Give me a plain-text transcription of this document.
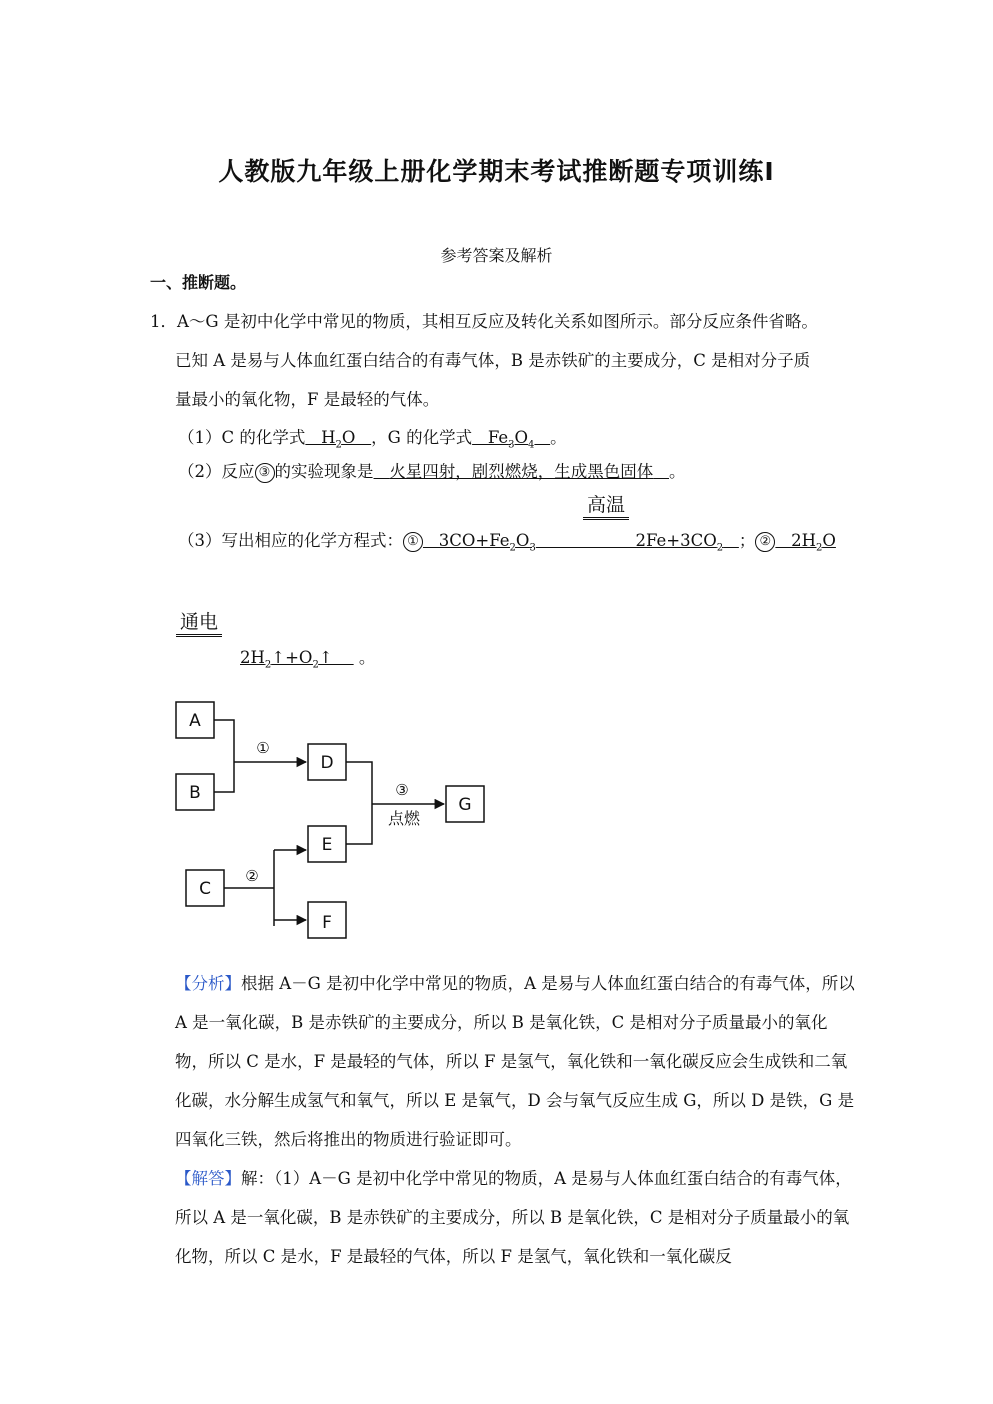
人教版九年级上册化学期末考试推断题专项训练Ⅰ
参考答案及解析
一、推断题。
1．A～G 是初中化学中常见的物质，其相互反应及转化关系如图所示。部分反应条件省略。
已知 A 是易与人体血红蛋白结合的有毒气体，B 是赤铁矿的主要成分，C 是相对分子质
量最小的氧化物，F 是最轻的气体。
（1）C 的化学式   $H_2O$   ，G 的化学式   $Fe_3O_4$ 。
（2）反应 ③ 的实验现象是 火星四射，剧烈燃烧，生成黑色固体 。
高温
（3）写出相应的化学方程式： ①   $3CO+Fe_2O_3$                   $2Fe+3CO_2$ ； ②   $2H_2O$
通电
$2H_2↑+O_2↑$     。
A
B
C
D
E
F
G
①
③
点燃
②
【分析】根据 A－G 是初中化学中常见的物质，A 是易与人体血红蛋白结合的有毒气体，所以 A 是一氧化碳，B 是赤铁矿的主要成分，所以 B 是氧化铁，C 是相对分子质量最小的氧化物，所以 C 是水，F 是最轻的气体，所以 F 是氢气，氧化铁和一氧化碳反应会生成铁和二氧化碳，水分解生成氢气和氧气，所以 E 是氧气，D 会与氧气反应生成 G，所以 D 是铁，G 是四氧化三铁，然后将推出的物质进行验证即可。
【解答】解：（1）A－G 是初中化学中常见的物质，A 是易与人体血红蛋白结合的有毒气体，所以 A 是一氧化碳，B 是赤铁矿的主要成分，所以 B 是氧化铁，C 是相对分子质量最小的氧化物，所以 C 是水，F 是最轻的气体，所以 F 是氢气，氧化铁和一氧化碳反
